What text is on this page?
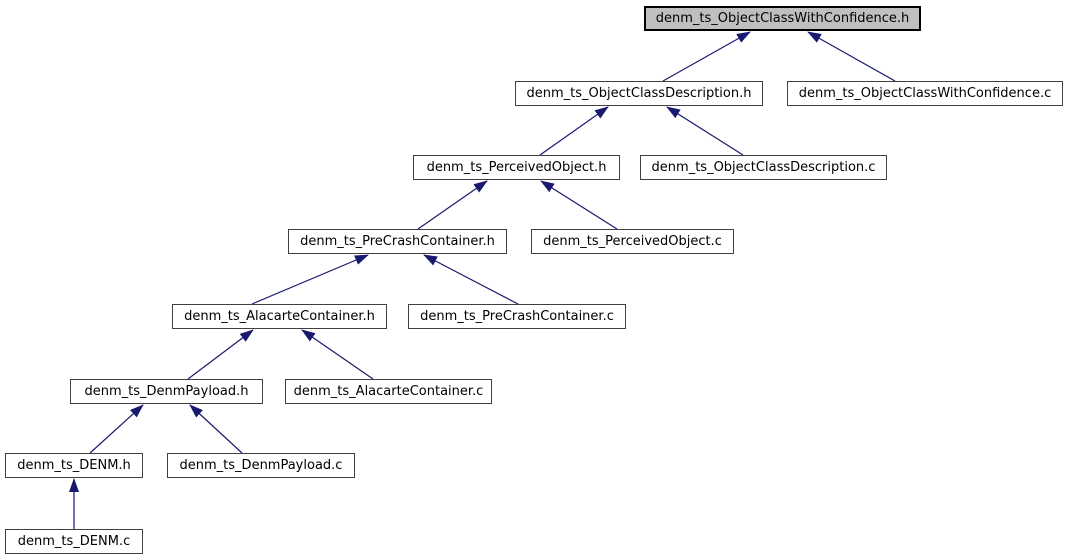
denm_ts_ObjectClassWithConfidence.h
denm_ts_ObjectClassDescription.h	denm_ts_ObjectClassWithConfidence.c
denm_ts_PerceivedObject.h	denm_ts_ObjectClassDescription.c
denm_ts_PreCrashContainer.h	denm_ts_PerceivedObject.c
denm_ts_AlacarteContainer.h	denm_ts_PreCrashContainer.c
denm_ts_DenmPayload.h	denm_ts_AlacarteContainer.c
denm_ts_DENM.h	denm_ts_DenmPayload.c
denm_ts_DENM.c
